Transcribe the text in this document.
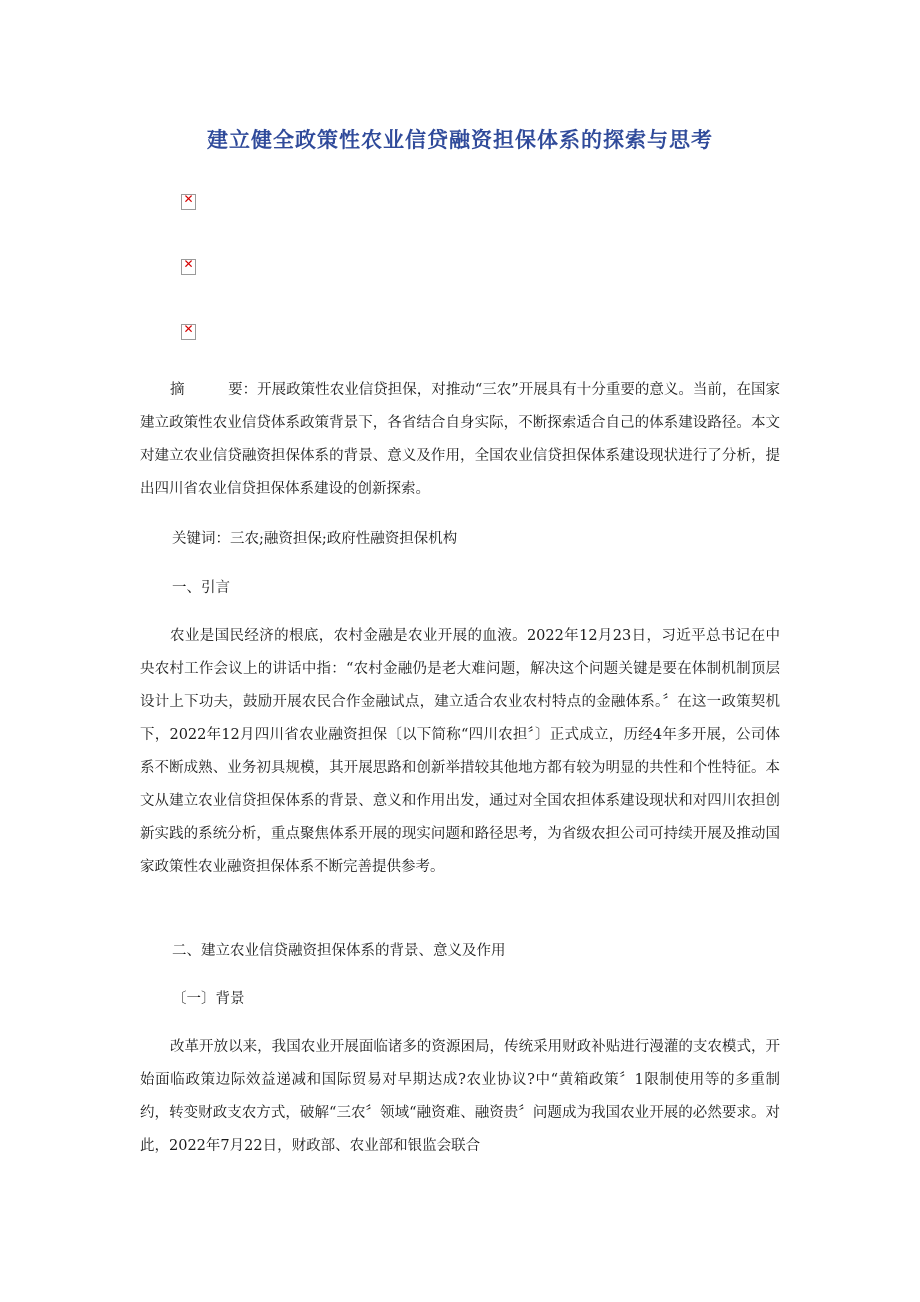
建立健全政策性农业信贷融资担保体系的探索与思考
✕
✕
✕

摘　　　要：开展政策性农业信贷担保，对推动“三农”开展具有十分重要的意义。当前，在国家建立政策性农业信贷体系政策背景下，各省结合自身实际，不断探索适合自己的体系建设路径。本文对建立农业信贷融资担保体系的背景、意义及作用，全国农业信贷担保体系建设现状进行了分析，提出四川省农业信贷担保体系建设的创新探索。

关键词：三农;融资担保;政府性融资担保机构

一、引言

农业是国民经济的根底，农村金融是农业开展的血液。2022年12月23日，习近平总书记在中央农村工作会议上的讲话中指：“农村金融仍是老大难问题，解决这个问题关键是要在体制机制顶层设计上下功夫，鼓励开展农民合作金融试点，建立适合农业农村特点的金融体系。〞在这一政策契机下，2022年12月四川省农业融资担保〔以下简称“四川农担〞〕正式成立，历经4年多开展，公司体系不断成熟、业务初具规模，其开展思路和创新举措较其他地方都有较为明显的共性和个性特征。本文从建立农业信贷担保体系的背景、意义和作用出发，通过对全国农担体系建设现状和对四川农担创新实践的系统分析，重点聚焦体系开展的现实问题和路径思考，为省级农担公司可持续开展及推动国家政策性农业融资担保体系不断完善提供参考。

二、建立农业信贷融资担保体系的背景、意义及作用

〔一〕背景

改革开放以来，我国农业开展面临诸多的资源困局，传统采用财政补贴进行漫灌的支农模式，开始面临政策边际效益递减和国际贸易对早期达成?农业协议?中“黄箱政策〞1限制使用等的多重制约，转变财政支农方式，破解“三农〞领域“融资难、融资贵〞问题成为我国农业开展的必然要求。对此，2022年7月22日，财政部、农业部和银监会联合
